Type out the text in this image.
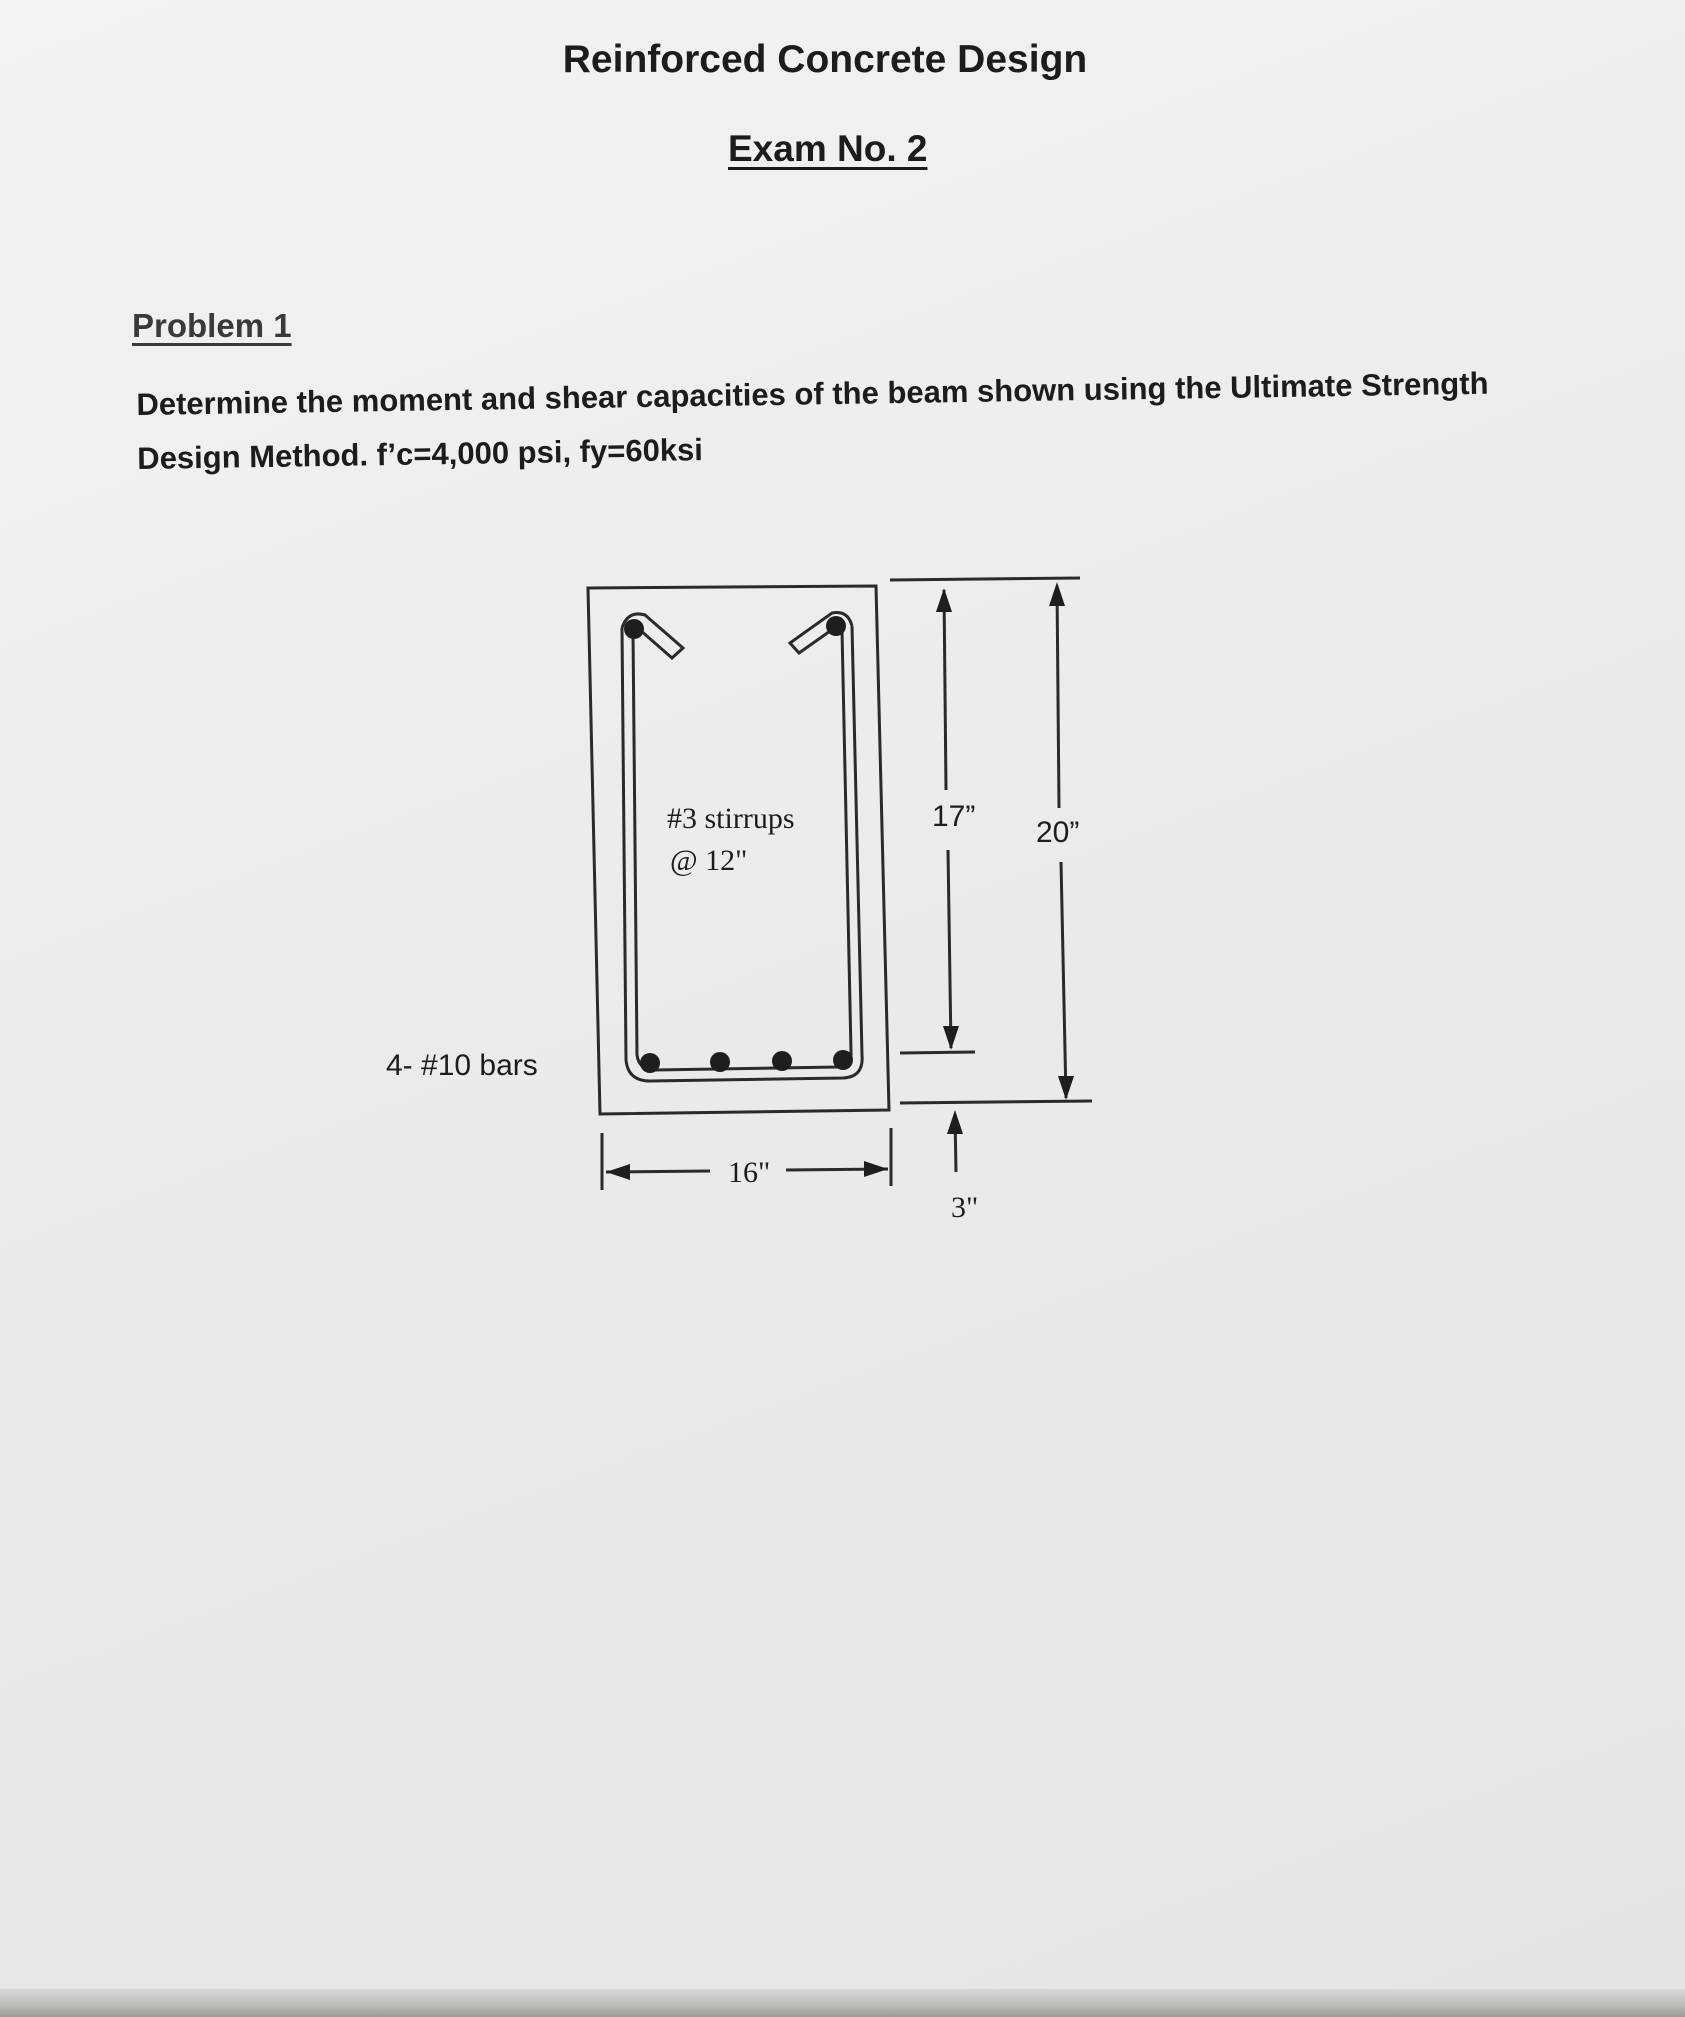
Reinforced Concrete Design
Exam No. 2
Problem 1
Determine the moment and shear capacities of the beam shown using the Ultimate Strength
Design Method. f’c=4,000 psi, fy=60ksi
#3 stirrups
@ 12"
4- #10 bars
16"
17” 20”
3"
